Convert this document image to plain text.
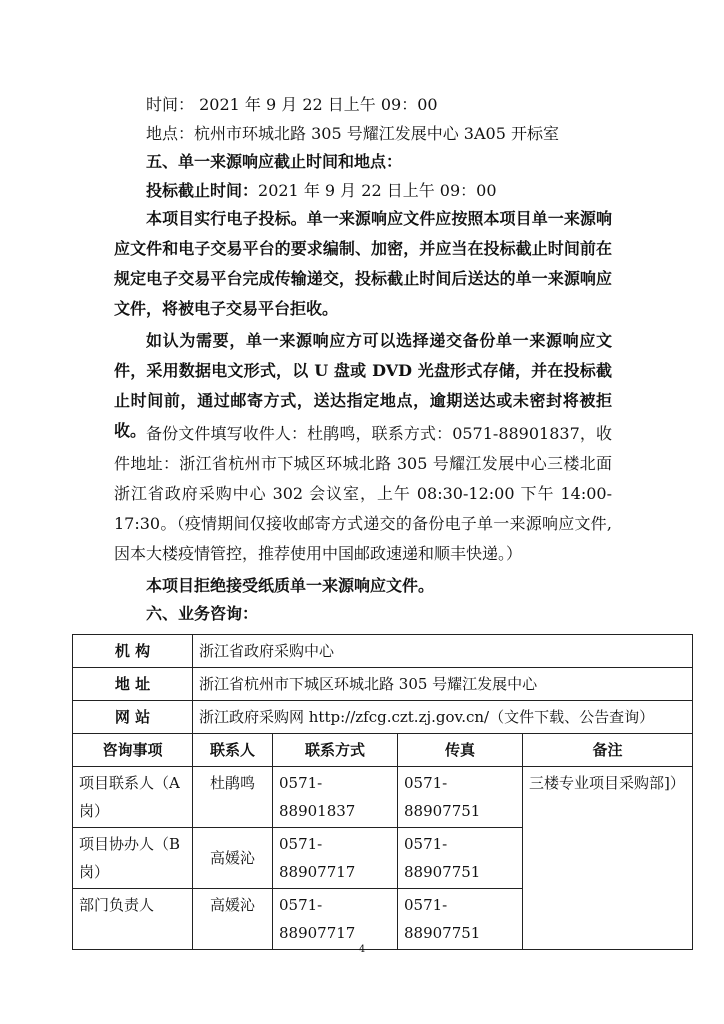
时间： 2021 年 9 月 22 日上午 09：00
地点：杭州市环城北路 305 号耀江发展中心 3A05 开标室
五、单一来源响应截止时间和地点：
投标截止时间：2021 年 9 月 22 日上午 09：00
本项目实行电子投标。单一来源响应文件应按照本项目单一来源响应文件和电子交易平台的要求编制、加密，并应当在投标截止时间前在规定电子交易平台完成传输递交，投标截止时间后送达的单一来源响应文件，将被电子交易平台拒收。
如认为需要，单一来源响应方可以选择递交备份单一来源响应文件，采用数据电文形式，以 U 盘或 DVD 光盘形式存储，并在投标截止时间前，通过邮寄方式，送达指定地点，逾期送达或未密封将被拒收。 备份文件填写收件人：杜鹃鸣，联系方式：0571-88901837，收件地址：浙江省杭州市下城区环城北路 305 号耀江发展中心三楼北面浙江省政府采购中心 302 会议室，上午 08:30-12:00 下午 14:00-17:30。（疫情期间仅接收邮寄方式递交的备份电子单一来源响应文件,因本大楼疫情管控，推荐使用中国邮政速递和顺丰快递。）
本项目拒绝接受纸质单一来源响应文件。
六、业务咨询：
机 构	浙江省政府采购中心			
地 址	浙江省杭州市下城区环城北路 305 号耀江发展中心			
网 站	浙江政府采购网 http://zfcg.czt.zj.gov.cn/（文件下载、公告查询）			
咨询事项	联系人	联系方式	传真	备注
项目联系人（A 岗）	杜鹃鸣	0571-88901837	0571-88907751	三楼专业项目采购部]）
项目协办人（B 岗）	高媛沁	0571-88907717	0571-88907751	
部门负责人	高媛沁	0571-88907717	0571-88907751	
4
